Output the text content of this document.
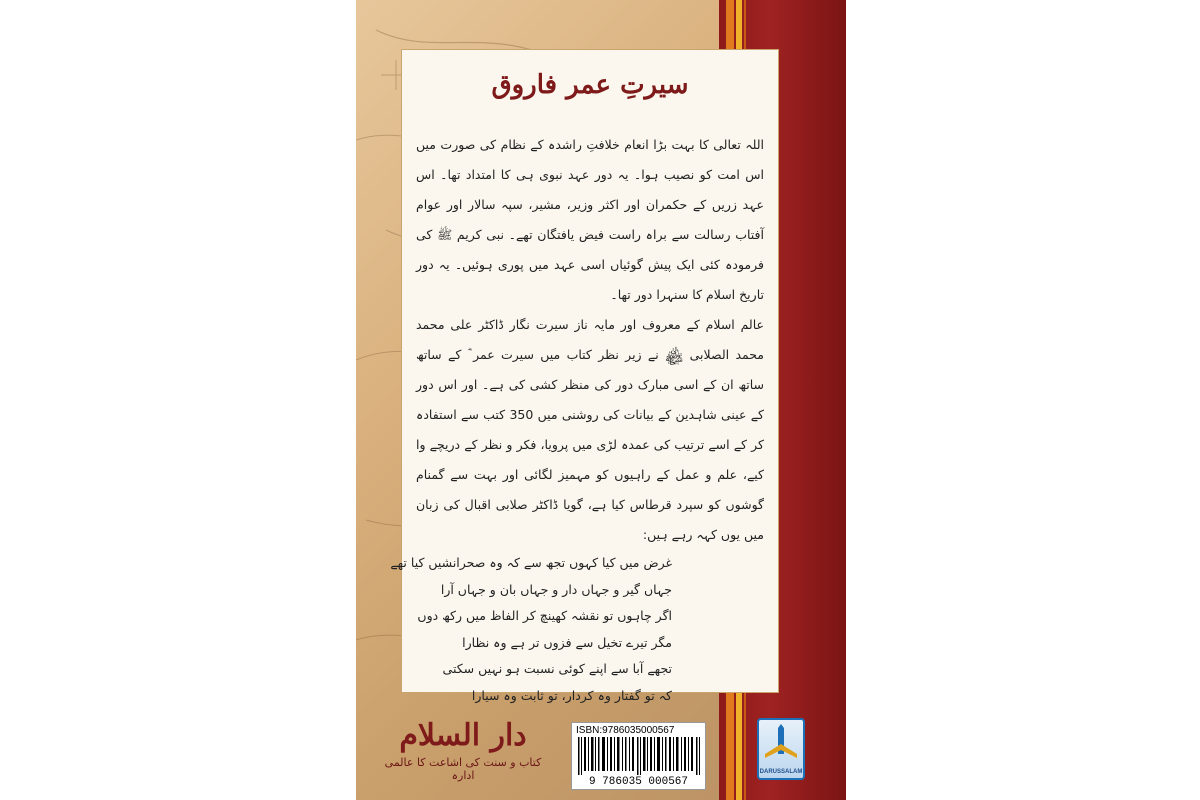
سیرتِ عمر فاروق

اللہ تعالی کا بہت بڑا انعام خلافتِ راشدہ کے نظام کی صورت میں اس امت کو نصیب ہوا۔ یہ دور عہد نبوی ہی کا امتداد تھا۔ اس عہد زریں کے حکمران اور اکثر وزیر، مشیر، سپہ سالار اور عوام آفتاب رسالت سے براہ راست فیض یافتگان تھے۔ نبی کریم ﷺ کی فرمودہ کئی ایک پیش گوئیاں اسی عہد میں پوری ہوئیں۔ یہ دور تاریخ اسلام کا سنہرا دور تھا۔

عالم اسلام کے معروف اور مایہ ناز سیرت نگار ڈاکٹر علی محمد محمد الصلابی ﷾ نے زیر نظر کتاب میں سیرت عمر ؓ کے ساتھ ساتھ ان کے اسی مبارک دور کی منظر کشی کی ہے۔ اور اس دور کے عینی شاہدین کے بیانات کی روشنی میں 350 کتب سے استفادہ کر کے اسے ترتیب کی عمدہ لڑی میں پرویا، فکر و نظر کے دریچے وا کیے، علم و عمل کے راہیوں کو مہمیز لگائی اور بہت سے گمنام گوشوں کو سپرد قرطاس کیا ہے، گویا ڈاکٹر صلابی اقبال کی زبان میں یوں کہہ رہے ہیں:

غرض میں کیا کہوں تجھ سے کہ وہ صحرانشیں کیا تھے
جہاں گیر و جہاں دار و جہاں بان و جہاں آرا
اگر چاہوں تو نقشہ کھینچ کر الفاظ میں رکھ دوں
مگر تیرے تخیل سے فزوں تر ہے وہ نظارا
تجھے آبا سے اپنے کوئی نسبت ہو نہیں سکتی
کہ تو گفتار وہ کردار، تو ثابت وہ سیارا
دار السلام
کتاب و سنت کی اشاعت کا عالمی ادارہ
ISBN:9786035000567
9 786035 000567
DARUSSALAM
